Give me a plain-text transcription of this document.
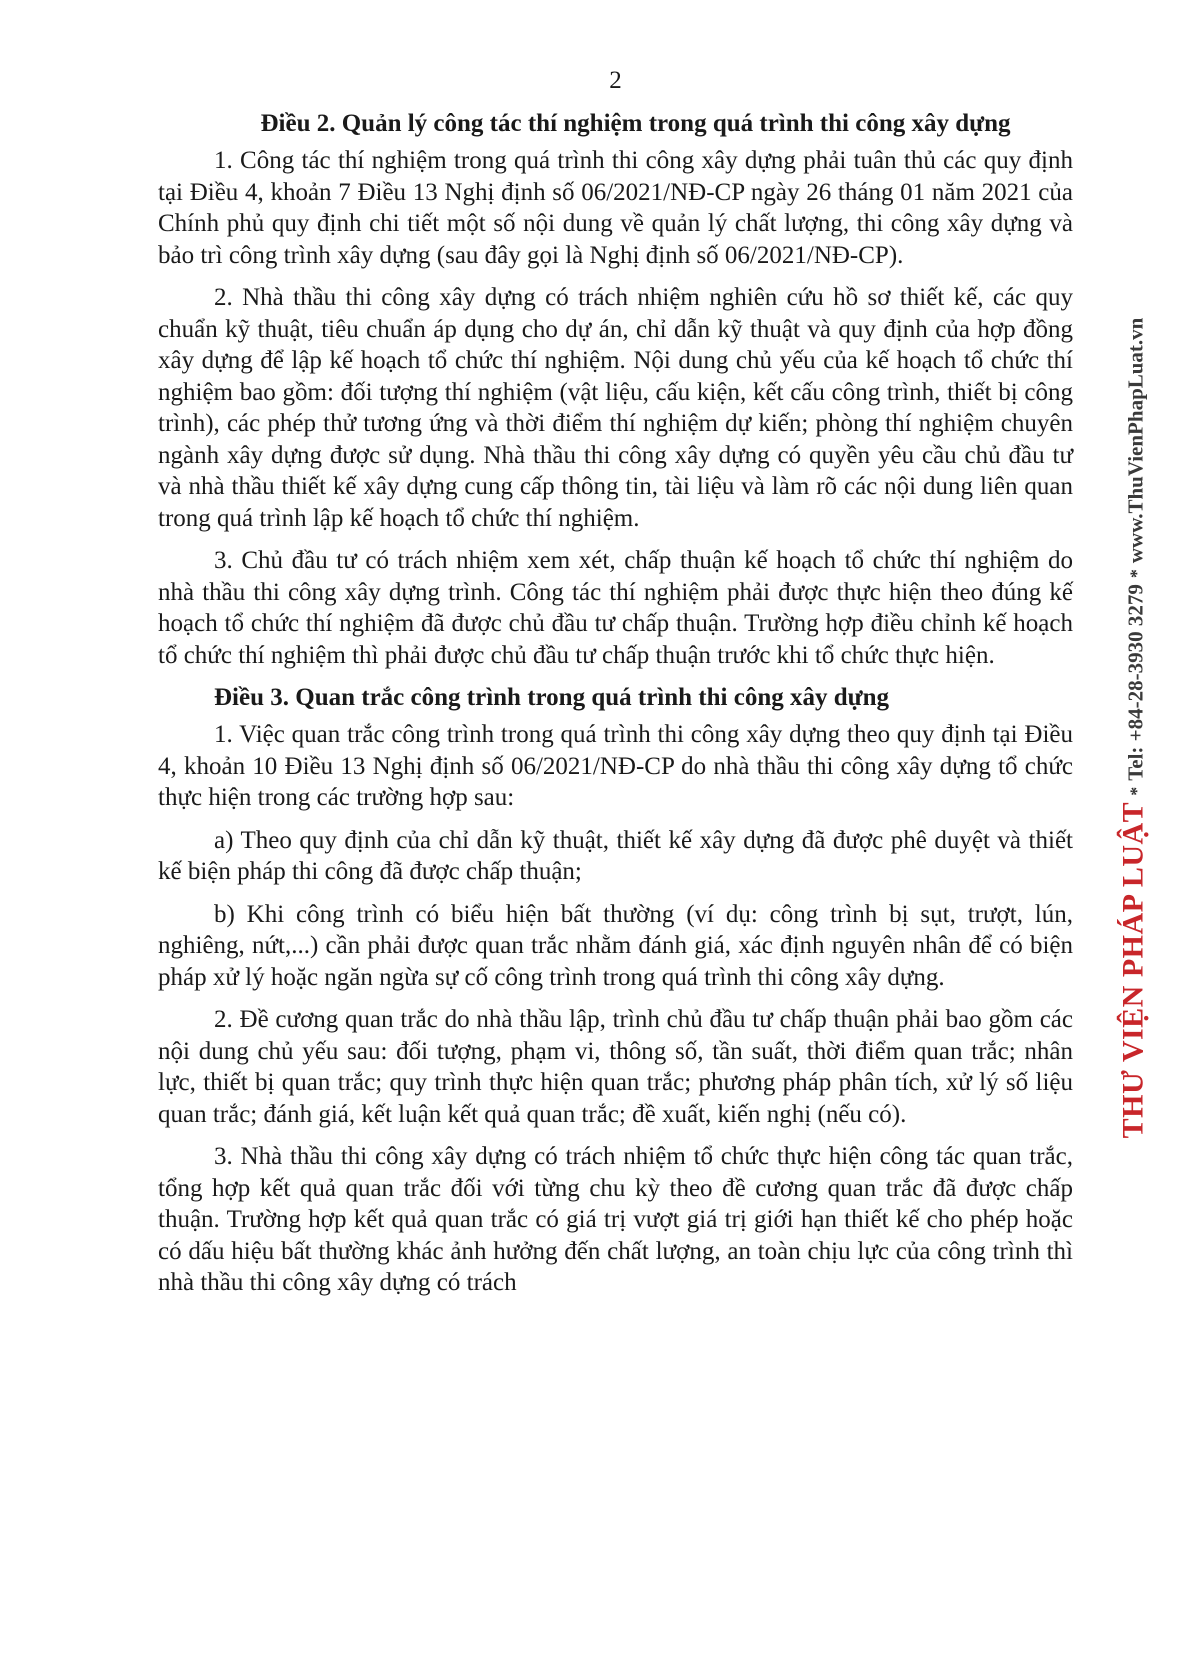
2
Điều 2. Quản lý công tác thí nghiệm trong quá trình thi công xây dựng

1. Công tác thí nghiệm trong quá trình thi công xây dựng phải tuân thủ các quy định tại Điều 4, khoản 7 Điều 13 Nghị định số 06/2021/NĐ-CP ngày 26 tháng 01 năm 2021 của Chính phủ quy định chi tiết một số nội dung về quản lý chất lượng, thi công xây dựng và bảo trì công trình xây dựng (sau đây gọi là Nghị định số 06/2021/NĐ-CP).

2. Nhà thầu thi công xây dựng có trách nhiệm nghiên cứu hồ sơ thiết kế, các quy chuẩn kỹ thuật, tiêu chuẩn áp dụng cho dự án, chỉ dẫn kỹ thuật và quy định của hợp đồng xây dựng để lập kế hoạch tổ chức thí nghiệm. Nội dung chủ yếu của kế hoạch tổ chức thí nghiệm bao gồm: đối tượng thí nghiệm (vật liệu, cấu kiện, kết cấu công trình, thiết bị công trình), các phép thử tương ứng và thời điểm thí nghiệm dự kiến; phòng thí nghiệm chuyên ngành xây dựng được sử dụng. Nhà thầu thi công xây dựng có quyền yêu cầu chủ đầu tư và nhà thầu thiết kế xây dựng cung cấp thông tin, tài liệu và làm rõ các nội dung liên quan trong quá trình lập kế hoạch tổ chức thí nghiệm.

3. Chủ đầu tư có trách nhiệm xem xét, chấp thuận kế hoạch tổ chức thí nghiệm do nhà thầu thi công xây dựng trình. Công tác thí nghiệm phải được thực hiện theo đúng kế hoạch tổ chức thí nghiệm đã được chủ đầu tư chấp thuận. Trường hợp điều chỉnh kế hoạch tổ chức thí nghiệm thì phải được chủ đầu tư chấp thuận trước khi tổ chức thực hiện.

Điều 3. Quan trắc công trình trong quá trình thi công xây dựng

1. Việc quan trắc công trình trong quá trình thi công xây dựng theo quy định tại Điều 4, khoản 10 Điều 13 Nghị định số 06/2021/NĐ-CP do nhà thầu thi công xây dựng tổ chức thực hiện trong các trường hợp sau:

a) Theo quy định của chỉ dẫn kỹ thuật, thiết kế xây dựng đã được phê duyệt và thiết kế biện pháp thi công đã được chấp thuận;

b) Khi công trình có biểu hiện bất thường (ví dụ: công trình bị sụt, trượt, lún, nghiêng, nứt,...) cần phải được quan trắc nhằm đánh giá, xác định nguyên nhân để có biện pháp xử lý hoặc ngăn ngừa sự cố công trình trong quá trình thi công xây dựng.

2. Đề cương quan trắc do nhà thầu lập, trình chủ đầu tư chấp thuận phải bao gồm các nội dung chủ yếu sau: đối tượng, phạm vi, thông số, tần suất, thời điểm quan trắc; nhân lực, thiết bị quan trắc; quy trình thực hiện quan trắc; phương pháp phân tích, xử lý số liệu quan trắc; đánh giá, kết luận kết quả quan trắc; đề xuất, kiến nghị (nếu có).

3. Nhà thầu thi công xây dựng có trách nhiệm tổ chức thực hiện công tác quan trắc, tổng hợp kết quả quan trắc đối với từng chu kỳ theo đề cương quan trắc đã được chấp thuận. Trường hợp kết quả quan trắc có giá trị vượt giá trị giới hạn thiết kế cho phép hoặc có dấu hiệu bất thường khác ảnh hưởng đến chất lượng, an toàn chịu lực của công trình thì nhà thầu thi công xây dựng có trách

THƯ VIỆN PHÁP LUẬT
*
Tel: +84-28-3930 3279
*
www.ThuVienPhapLuat.vn
